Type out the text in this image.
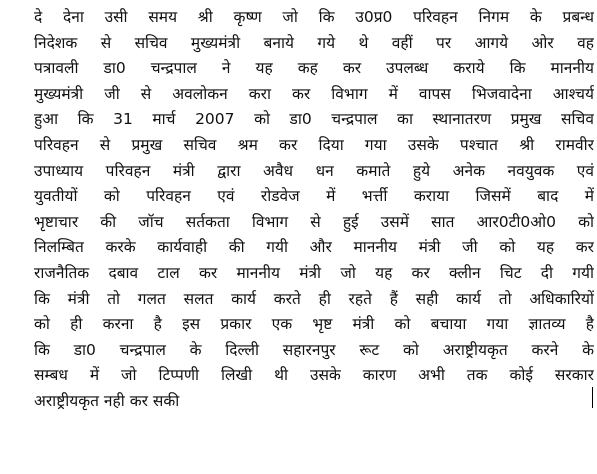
दे देना उसी समय श्री कृष्ण जो कि उ0प्र0 परिवहन निगम के प्रबन्ध
निदेशक से सचिव मुख्यमंत्री बनाये गये थे वहीं पर आगये ओर वह
पत्रावली डा0 चन्द्रपाल ने यह कह कर उपलब्ध कराये कि माननीय
मुख्यमंत्री जी से अवलोकन करा कर विभाग में वापस भिजवादेना आश्चर्य
हुआ कि 31 मार्च 2007 को डा0 चन्द्रपाल का स्थानातरण प्रमुख सचिव
परिवहन से प्रमुख सचिव श्रम कर दिया गया उसके पश्चात श्री रामवीर
उपाध्याय परिवहन मंत्री द्वारा अवैध धन कमाते हुये अनेक नवयुवक एवं
युवतीयों को परिवहन एवं रोडवेज में भर्त्ती कराया जिसमें बाद में
भृष्टाचार की जॉच सर्तकता विभाग से हुई उसमें सात आर0टी0ओ0 को
निलम्बित करके कार्यवाही की गयी और माननीय मंत्री जी को यह कर
राजनैतिक दबाव टाल कर माननीय मंत्री जो यह कर क्लीन चिट दी गयी
कि मंत्री तो गलत सलत कार्य करते ही रहते हैं सही कार्य तो अधिकारियों
को ही करना है इस प्रकार एक भृष्ट मंत्री को बचाया गया ज्ञातव्य है
कि डा0 चन्द्रपाल के दिल्ली सहारनपुर रूट को अराष्ट्रीयकृत करने के
सम्बध में जो टिप्पणी लिखी थी उसके कारण अभी तक कोई सरकार
अराष्ट्रीयकृत नही कर सकी
